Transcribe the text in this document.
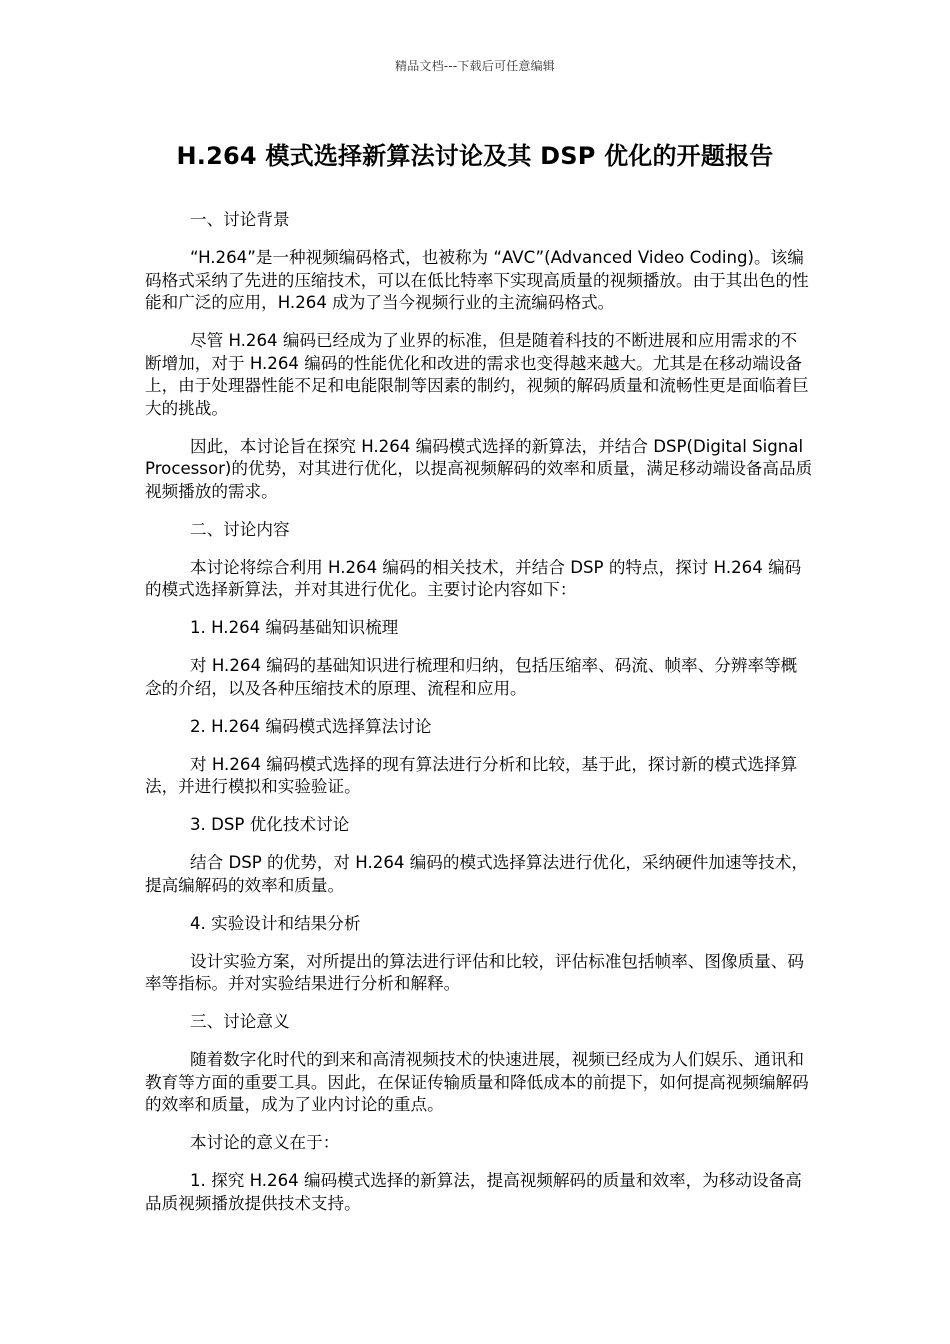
精品文档---下载后可任意编辑
H.264 模式选择新算法讨论及其 DSP 优化的开题报告

一、讨论背景

“H.264”是一种视频编码格式，也被称为 “AVC”(Advanced Video Coding)。该编码格式采纳了先进的压缩技术，可以在低比特率下实现高质量的视频播放。由于其出色的性能和广泛的应用，H.264 成为了当今视频行业的主流编码格式。

尽管 H.264 编码已经成为了业界的标准，但是随着科技的不断进展和应用需求的不断增加，对于 H.264 编码的性能优化和改进的需求也变得越来越大。尤其是在移动端设备上，由于处理器性能不足和电能限制等因素的制约，视频的解码质量和流畅性更是面临着巨大的挑战。

因此，本讨论旨在探究 H.264 编码模式选择的新算法，并结合 DSP(Digital Signal Processor)的优势，对其进行优化，以提高视频解码的效率和质量，满足移动端设备高品质视频播放的需求。

二、讨论内容

本讨论将综合利用 H.264 编码的相关技术，并结合 DSP 的特点，探讨 H.264 编码的模式选择新算法，并对其进行优化。主要讨论内容如下：

1. H.264 编码基础知识梳理

对 H.264 编码的基础知识进行梳理和归纳，包括压缩率、码流、帧率、分辨率等概念的介绍，以及各种压缩技术的原理、流程和应用。

2. H.264 编码模式选择算法讨论

对 H.264 编码模式选择的现有算法进行分析和比较，基于此，探讨新的模式选择算法，并进行模拟和实验验证。

3. DSP 优化技术讨论

结合 DSP 的优势，对 H.264 编码的模式选择算法进行优化，采纳硬件加速等技术，提高编解码的效率和质量。

4. 实验设计和结果分析

设计实验方案，对所提出的算法进行评估和比较，评估标准包括帧率、图像质量、码率等指标。并对实验结果进行分析和解释。

三、讨论意义

随着数字化时代的到来和高清视频技术的快速进展，视频已经成为人们娱乐、通讯和教育等方面的重要工具。因此，在保证传输质量和降低成本的前提下，如何提高视频编解码的效率和质量，成为了业内讨论的重点。

本讨论的意义在于：

1. 探究 H.264 编码模式选择的新算法，提高视频解码的质量和效率，为移动设备高品质视频播放提供技术支持。
